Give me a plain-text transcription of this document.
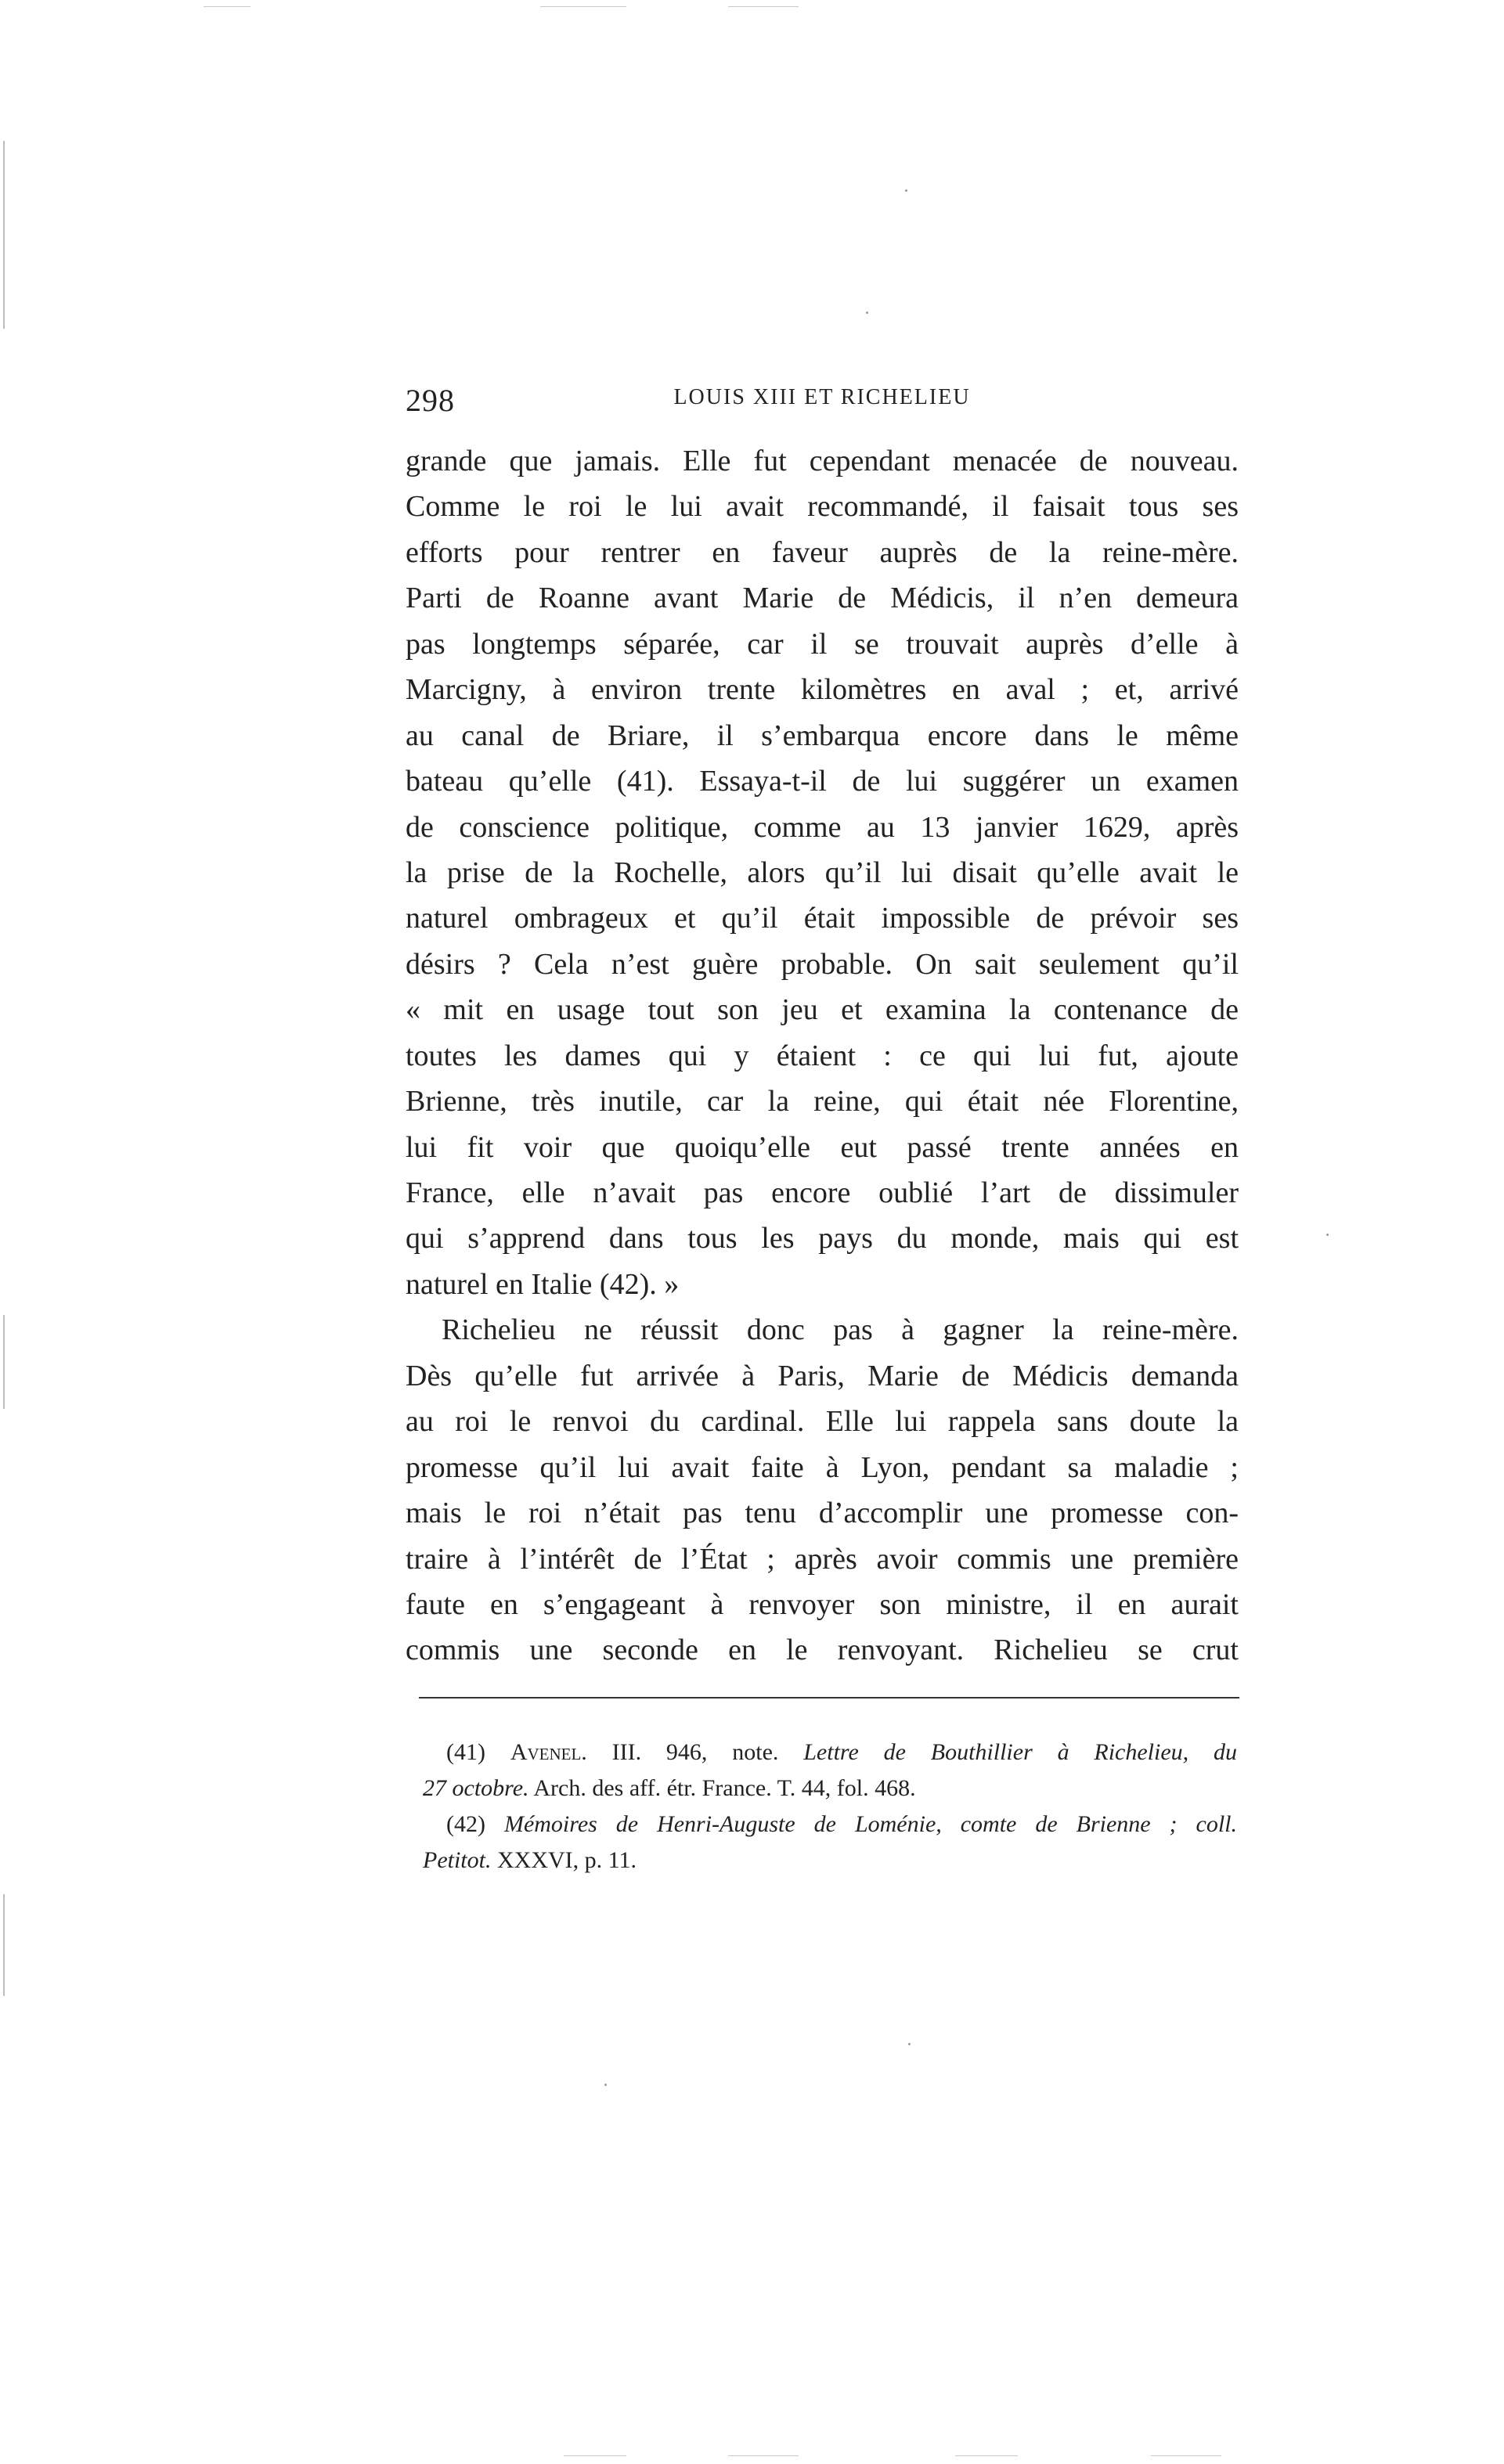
298	LOUIS XIII ET RICHELIEU
grande que jamais. Elle fut cependant menacée de nouveau.
Comme le roi le lui avait recommandé, il faisait tous ses
efforts pour rentrer en faveur auprès de la reine-mère.
Parti de Roanne avant Marie de Médicis, il n’en demeura
pas longtemps séparée, car il se trouvait auprès d’elle à
Marcigny, à environ trente kilomètres en aval ; et, arrivé
au canal de Briare, il s’embarqua encore dans le même
bateau qu’elle (41). Essaya-t-il de lui suggérer un examen
de conscience politique, comme au 13 janvier 1629, après
la prise de la Rochelle, alors qu’il lui disait qu’elle avait le
naturel ombrageux et qu’il était impossible de prévoir ses
désirs ? Cela n’est guère probable. On sait seulement qu’il
« mit en usage tout son jeu et examina la contenance de
toutes les dames qui y étaient : ce qui lui fut, ajoute
Brienne, très inutile, car la reine, qui était née Florentine,
lui fit voir que quoiqu’elle eut passé trente années en
France, elle n’avait pas encore oublié l’art de dissimuler
qui s’apprend dans tous les pays du monde, mais qui est
naturel en Italie (42). »
Richelieu ne réussit donc pas à gagner la reine-mère.
Dès qu’elle fut arrivée à Paris, Marie de Médicis demanda
au roi le renvoi du cardinal. Elle lui rappela sans doute la
promesse qu’il lui avait faite à Lyon, pendant sa maladie ;
mais le roi n’était pas tenu d’accomplir une promesse con-
traire à l’intérêt de l’État ; après avoir commis une première
faute en s’engageant à renvoyer son ministre, il en aurait
commis une seconde en le renvoyant. Richelieu se crut
(41) Avenel. III. 946, note. Lettre de Bouthillier à Richelieu, du
27 octobre. Arch. des aff. étr. France. T. 44, fol. 468.
(42) Mémoires de Henri-Auguste de Loménie, comte de Brienne ; coll.
Petitot. XXXVI, p. 11.
